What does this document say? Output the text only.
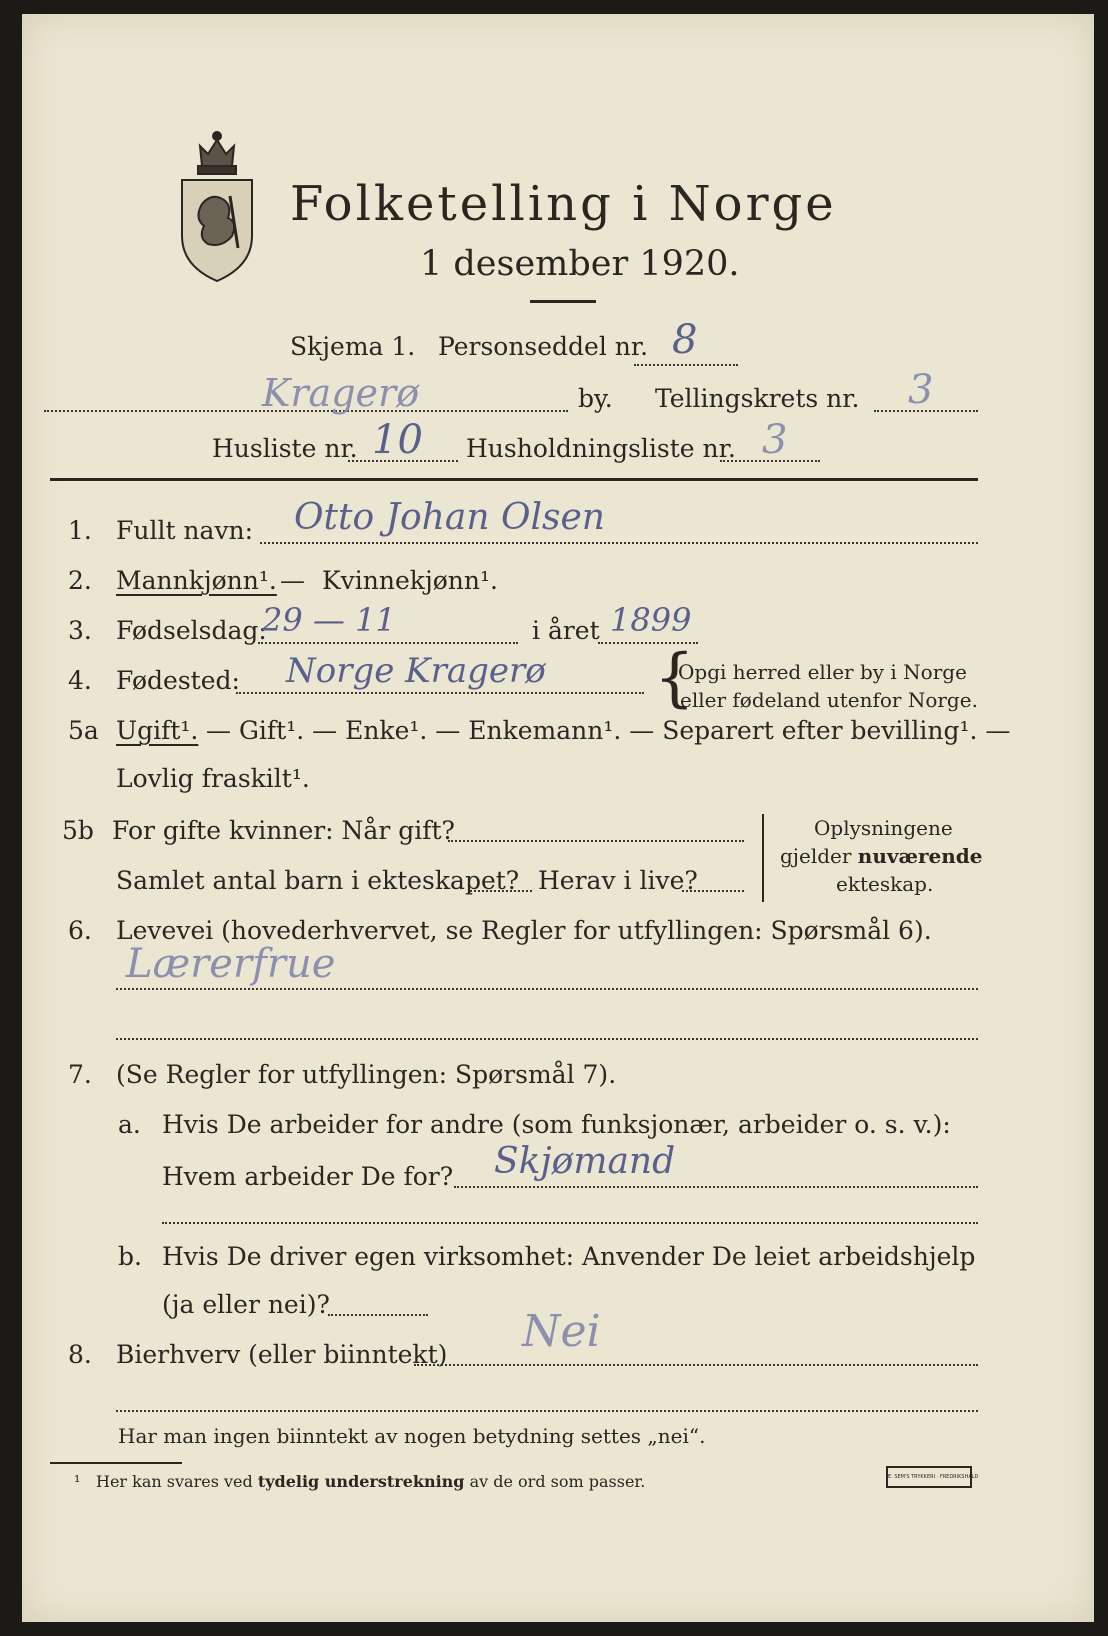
Folketelling i Norge
1 desember 1920.
Skjema 1. Personseddel nr. 8
Kragerø	by. Tellingskrets nr. 3
Husliste nr. 10 Husholdningsliste nr. 3
1. Fullt navn: Otto Johan Olsen
2. Mannkjønn¹. — Kvinnekjønn¹.
3. Fødselsdag:
29 — 11	i året 1899
4. Fødested: Norge Kragerø {
Opgi herred eller by i Norge
eller fødeland utenfor Norge.
5a Ugift¹. — Gift¹. — Enke¹. — Enkemann¹. — Separert efter bevilling¹. —
Lovlig fraskilt¹.
5b For gifte kvinner: Når gift?
Samlet antal barn i ekteskapet? Herav i live?
Oplysningene
gjelder nuværende
ekteskap.
6. Levevei (hovederhvervet, se Regler for utfyllingen: Spørsmål 6).
Lærerfrue
7. (Se Regler for utfyllingen: Spørsmål 7).
a. Hvis De arbeider for andre (som funksjonær, arbeider o. s. v.):
Hvem arbeider De for? Skjømand
b. Hvis De driver egen virksomhet: Anvender De leiet arbeidshjelp
(ja eller nei)?
8. Bierhverv (eller biinntekt) Nei
Har man ingen biinntekt av nogen betydning settes „nei“.
¹ Her kan svares ved tydelig understrekning av de ord som passer.	E. SEM'S TRYKKERI · FREDRIKSHALD
